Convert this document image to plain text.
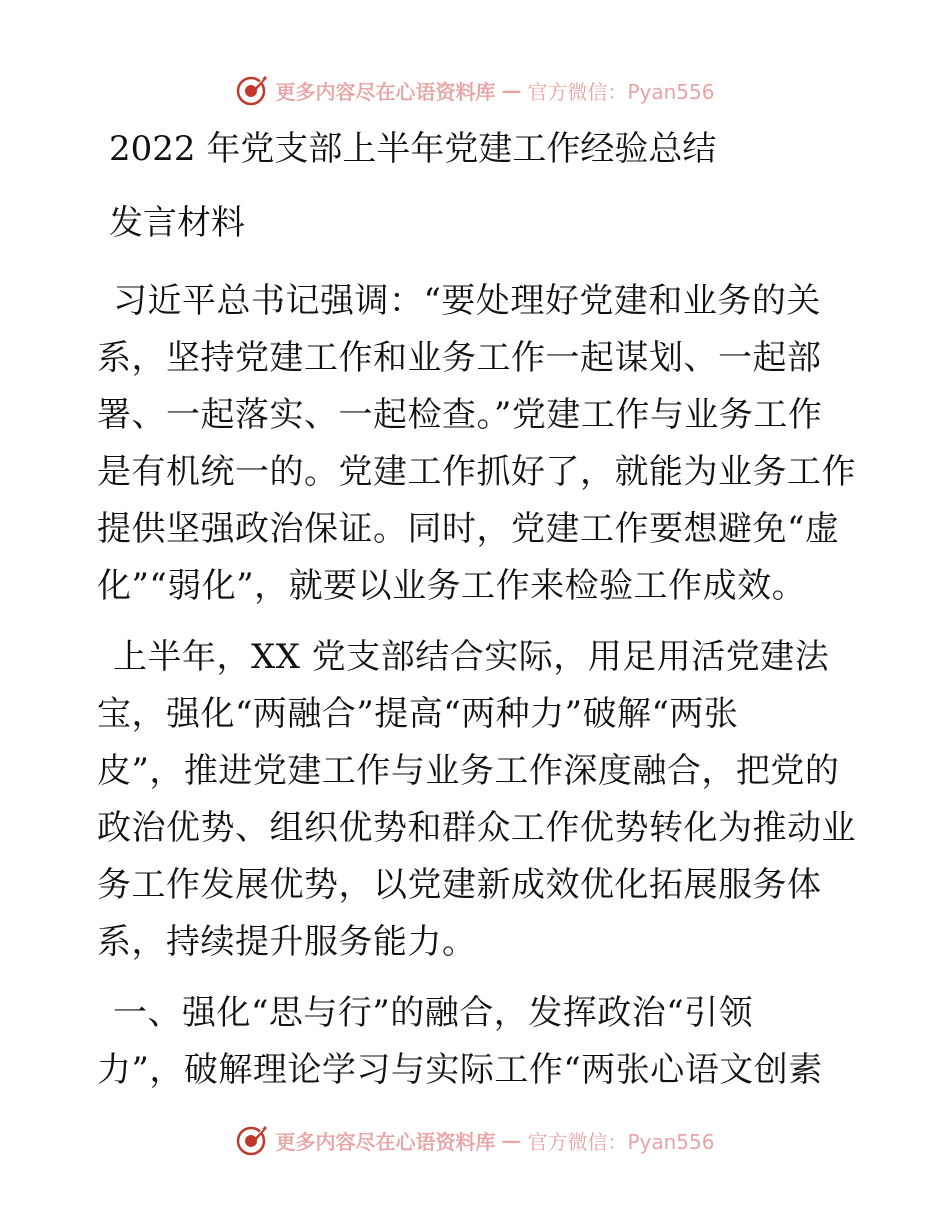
更多内容尽在心语资料库 — 官方微信：Pyan556
2022 年党支部上半年党建工作经验总结
发言材料
习近平总书记强调：“要处理好党建和业务的关
系，坚持党建工作和业务工作一起谋划、一起部
署、一起落实、一起检查。”党建工作与业务工作
是有机统一的。党建工作抓好了，就能为业务工作
提供坚强政治保证。同时，党建工作要想避免“虚
化”“弱化”，就要以业务工作来检验工作成效。
上半年，XX 党支部结合实际，用足用活党建法
宝，强化“两融合”提高“两种力”破解“两张
皮”，推进党建工作与业务工作深度融合，把党的
政治优势、组织优势和群众工作优势转化为推动业
务工作发展优势，以党建新成效优化拓展服务体
系，持续提升服务能力。
一、强化“思与行”的融合，发挥政治“引领
力”，破解理论学习与实际工作“两张心语文创素
更多内容尽在心语资料库 — 官方微信：Pyan556
